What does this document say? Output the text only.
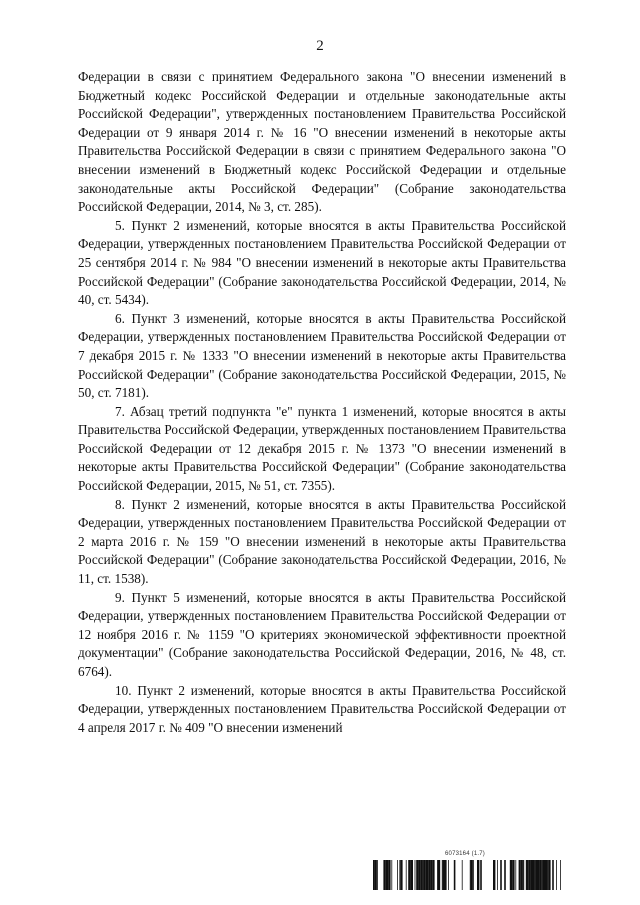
2

Федерации в связи с принятием Федерального закона "О внесении изменений в Бюджетный кодекс Российской Федерации и отдельные законодательные акты Российской Федерации", утвержденных постановлением Правительства Российской Федерации от 9 января 2014 г. № 16 "О внесении изменений в некоторые акты Правительства Российской Федерации в связи с принятием Федерального закона "О внесении изменений в Бюджетный кодекс Российской Федерации и отдельные законодательные акты Российской Федерации" (Собрание законодательства Российской Федерации, 2014, № 3, ст. 285).

5. Пункт 2 изменений, которые вносятся в акты Правительства Российской Федерации, утвержденных постановлением Правительства Российской Федерации от 25 сентября 2014 г. № 984 "О внесении изменений в некоторые акты Правительства Российской Федерации" (Собрание законодательства Российской Федерации, 2014, № 40, ст. 5434).

6. Пункт 3 изменений, которые вносятся в акты Правительства Российской Федерации, утвержденных постановлением Правительства Российской Федерации от 7 декабря 2015 г. № 1333 "О внесении изменений в некоторые акты Правительства Российской Федерации" (Собрание законодательства Российской Федерации, 2015, № 50, ст. 7181).

7. Абзац третий подпункта "е" пункта 1 изменений, которые вносятся в акты Правительства Российской Федерации, утвержденных постановлением Правительства Российской Федерации от 12 декабря 2015 г. № 1373 "О внесении изменений в некоторые акты Правительства Российской Федерации" (Собрание законодательства Российской Федерации, 2015, № 51, ст. 7355).

8. Пункт 2 изменений, которые вносятся в акты Правительства Российской Федерации, утвержденных постановлением Правительства Российской Федерации от 2 марта 2016 г. № 159 "О внесении изменений в некоторые акты Правительства Российской Федерации" (Собрание законодательства Российской Федерации, 2016, № 11, ст. 1538).

9. Пункт 5 изменений, которые вносятся в акты Правительства Российской Федерации, утвержденных постановлением Правительства Российской Федерации от 12 ноября 2016 г. № 1159 "О критериях экономической эффективности проектной документации" (Собрание законодательства Российской Федерации, 2016, № 48, ст. 6764).

10. Пункт 2 изменений, которые вносятся в акты Правительства Российской Федерации, утвержденных постановлением Правительства Российской Федерации от 4 апреля 2017 г. № 409 "О внесении изменений

6073164 (1.7)
